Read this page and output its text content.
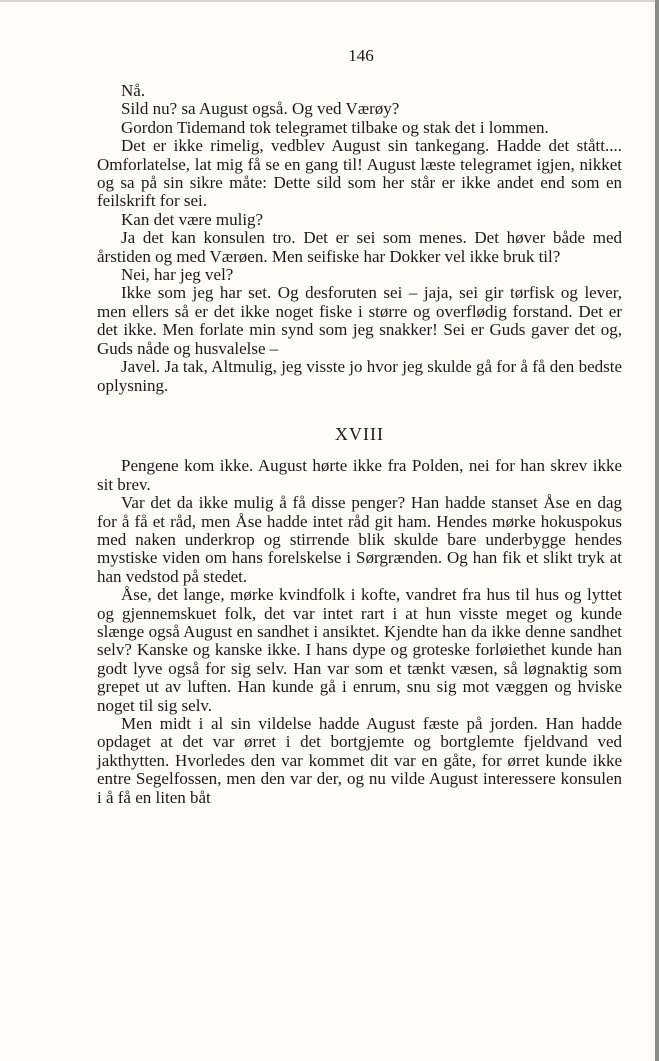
146

Nå.

Sild nu? sa August også. Og ved Værøy?

Gordon Tidemand tok telegramet tilbake og stak det i lommen.

Det er ikke rimelig, vedblev August sin tankegang. Hadde det stått.... Omforlatelse, lat mig få se en gang til! August læste telegramet igjen, nikket og sa på sin sikre måte: Dette sild som her står er ikke andet end som en feilskrift for sei.

Kan det være mulig?

Ja det kan konsulen tro. Det er sei som menes. Det høver både med årstiden og med Værøen. Men seifiske har Dokker vel ikke bruk til?

Nei, har jeg vel?

Ikke som jeg har set. Og desforuten sei – jaja, sei gir tørfisk og lever, men ellers så er det ikke noget fiske i større og overflødig forstand. Det er det ikke. Men forlate min synd som jeg snakker! Sei er Guds gaver det og, Guds nåde og husvalelse –

Javel. Ja tak, Altmulig, jeg visste jo hvor jeg skulde gå for å få den bedste oplysning.

XVIII

Pengene kom ikke. August hørte ikke fra Polden, nei for han skrev ikke sit brev.

Var det da ikke mulig å få disse penger? Han hadde stanset Åse en dag for å få et råd, men Åse hadde intet råd git ham. Hendes mørke hokuspokus med naken underkrop og stirrende blik skulde bare underbygge hendes mystiske viden om hans forelskelse i Sørgrænden. Og han fik et slikt tryk at han vedstod på stedet.

Åse, det lange, mørke kvindfolk i kofte, vandret fra hus til hus og lyttet og gjennemskuet folk, det var intet rart i at hun visste meget og kunde slænge også August en sandhet i ansiktet. Kjendte han da ikke denne sandhet selv? Kanske og kanske ikke. I hans dype og groteske forløiethet kunde han godt lyve også for sig selv. Han var som et tænkt væsen, så løgnaktig som grepet ut av luften. Han kunde gå i enrum, snu sig mot væggen og hviske noget til sig selv.

Men midt i al sin vildelse hadde August fæste på jorden. Han hadde opdaget at det var ørret i det bortgjemte og bortglemte fjeldvand ved jakthytten. Hvorledes den var kommet dit var en gåte, for ørret kunde ikke entre Segelfossen, men den var der, og nu vilde August interessere konsulen i å få en liten båt
